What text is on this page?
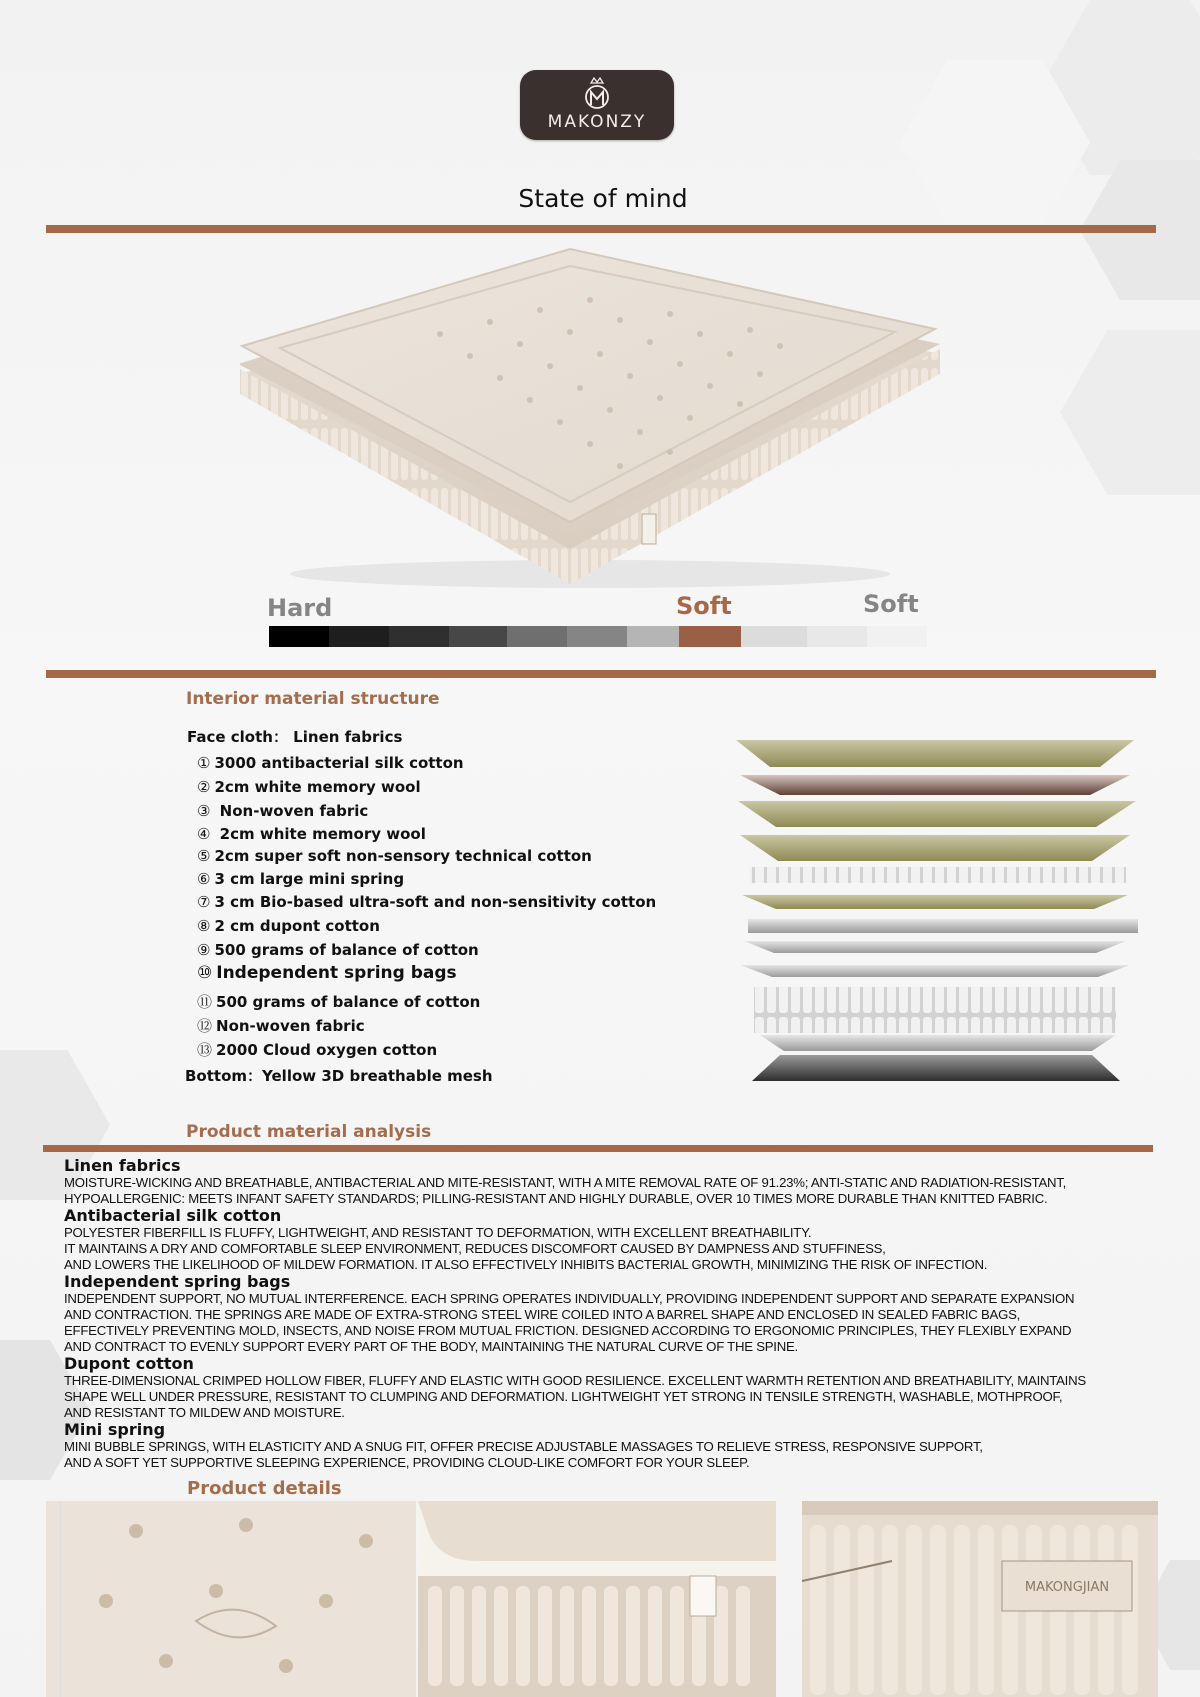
MAKONZY
State of mind
Hard	Soft	Soft
Interior material structure
Face cloth： Linen fabrics
① 3000 antibacterial silk cotton
② 2cm white memory wool
③ Non-woven fabric
④ 2cm white memory wool
⑤ 2cm super soft non-sensory technical cotton
⑥ 3 cm large mini spring
⑦ 3 cm Bio-based ultra-soft and non-sensitivity cotton
⑧ 2 cm dupont cotton
⑨ 500 grams of balance of cotton
⑩ Independent spring bags
⑪ 500 grams of balance of cotton
⑫ Non-woven fabric
⑬ 2000 Cloud oxygen cotton
Bottom：Yellow 3D breathable mesh
Product material analysis
Linen fabrics
MOISTURE-WICKING AND BREATHABLE, ANTIBACTERIAL AND MITE-RESISTANT, WITH A MITE REMOVAL RATE OF 91.23%; ANTI-STATIC AND RADIATION-RESISTANT,
HYPOALLERGENIC: MEETS INFANT SAFETY STANDARDS; PILLING-RESISTANT AND HIGHLY DURABLE, OVER 10 TIMES MORE DURABLE THAN KNITTED FABRIC.
Antibacterial silk cotton
POLYESTER FIBERFILL IS FLUFFY, LIGHTWEIGHT, AND RESISTANT TO DEFORMATION, WITH EXCELLENT BREATHABILITY.
IT MAINTAINS A DRY AND COMFORTABLE SLEEP ENVIRONMENT, REDUCES DISCOMFORT CAUSED BY DAMPNESS AND STUFFINESS,
AND LOWERS THE LIKELIHOOD OF MILDEW FORMATION. IT ALSO EFFECTIVELY INHIBITS BACTERIAL GROWTH, MINIMIZING THE RISK OF INFECTION.
Independent spring bags
INDEPENDENT SUPPORT, NO MUTUAL INTERFERENCE. EACH SPRING OPERATES INDIVIDUALLY, PROVIDING INDEPENDENT SUPPORT AND SEPARATE EXPANSION
AND CONTRACTION. THE SPRINGS ARE MADE OF EXTRA-STRONG STEEL WIRE COILED INTO A BARREL SHAPE AND ENCLOSED IN SEALED FABRIC BAGS,
EFFECTIVELY PREVENTING MOLD, INSECTS, AND NOISE FROM MUTUAL FRICTION. DESIGNED ACCORDING TO ERGONOMIC PRINCIPLES, THEY FLEXIBLY EXPAND
AND CONTRACT TO EVENLY SUPPORT EVERY PART OF THE BODY, MAINTAINING THE NATURAL CURVE OF THE SPINE.
Dupont cotton
THREE-DIMENSIONAL CRIMPED HOLLOW FIBER, FLUFFY AND ELASTIC WITH GOOD RESILIENCE. EXCELLENT WARMTH RETENTION AND BREATHABILITY, MAINTAINS
SHAPE WELL UNDER PRESSURE, RESISTANT TO CLUMPING AND DEFORMATION. LIGHTWEIGHT YET STRONG IN TENSILE STRENGTH, WASHABLE, MOTHPROOF,
AND RESISTANT TO MILDEW AND MOISTURE.
Mini spring
MINI BUBBLE SPRINGS, WITH ELASTICITY AND A SNUG FIT, OFFER PRECISE ADJUSTABLE MASSAGES TO RELIEVE STRESS, RESPONSIVE SUPPORT,
AND A SOFT YET SUPPORTIVE SLEEPING EXPERIENCE, PROVIDING CLOUD-LIKE COMFORT FOR YOUR SLEEP.
Product details
MAKONGJIAN
